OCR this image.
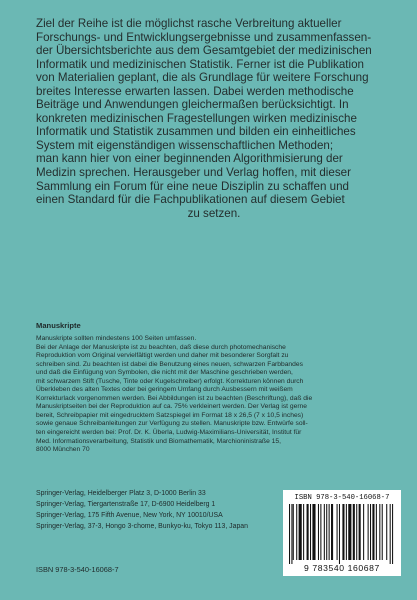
Ziel der Reihe ist die möglichst rasche Verbreitung aktueller
Forschungs- und Entwicklungsergebnisse und zusammenfassen-
der Übersichtsberichte aus dem Gesamtgebiet der medizinischen
Informatik und medizinischen Statistik. Ferner ist die Publikation
von Materialien geplant, die als Grundlage für weitere Forschung
breites Interesse erwarten lassen. Dabei werden methodische
Beiträge und Anwendungen gleichermaßen berücksichtigt. In
konkreten medizinischen Fragestellungen wirken medizinische
Informatik und Statistik zusammen und bilden ein einheitliches
System mit eigenständigen wissenschaftlichen Methoden;
man kann hier von einer beginnenden Algorithmisierung der
Medizin sprechen. Herausgeber und Verlag hoffen, mit dieser
Sammlung ein Forum für eine neue Disziplin zu schaffen und
einen Standard für die Fachpublikationen auf diesem Gebiet
zu setzen.
Manuskripte
Manuskripte sollten mindestens 100 Seiten umfassen.
Bei der Anlage der Manuskripte ist zu beachten, daß diese durch photomechanische
Reproduktion vom Original vervielfältigt werden und daher mit besonderer Sorgfalt zu
schreiben sind. Zu beachten ist dabei die Benutzung eines neuen, schwarzen Farbbandes
und daß die Einfügung von Symbolen, die nicht mit der Maschine geschrieben werden,
mit schwarzem Stift (Tusche, Tinte oder Kugelschreiber) erfolgt. Korrekturen können durch
Überkleben des alten Textes oder bei geringem Umfang durch Ausbessern mit weißem
Korrekturlack vorgenommen werden. Bei Abbildungen ist zu beachten (Beschriftung), daß die
Manuskriptseiten bei der Reproduktion auf ca. 75% verkleinert werden. Der Verlag ist gerne
bereit, Schreibpapier mit eingedrucktem Satzspiegel im Format 18 x 26,5 (7 x 10,5 inches)
sowie genaue Schreibanleitungen zur Verfügung zu stellen. Manuskripte bzw. Entwürfe soll-
ten eingereicht werden bei: Prof. Dr. K. Überla, Ludwig-Maximilians-Universität, Institut für
Med. Informationsverarbeitung, Statistik und Biomathematik, Marchioninistraße 15,
8000 München 70
Springer-Verlag, Heidelberger Platz 3, D-1000 Berlin 33
Springer-Verlag, Tiergartenstraße 17, D-6900 Heidelberg 1
Springer-Verlag, 175 Fifth Avenue, New York, NY 10010/USA
Springer-Verlag, 37-3, Hongo 3-chome, Bunkyo-ku, Tokyo 113, Japan
ISBN 978-3-540-16068-7
ISBN 978-3-540-16068-7
9 783540 160687
